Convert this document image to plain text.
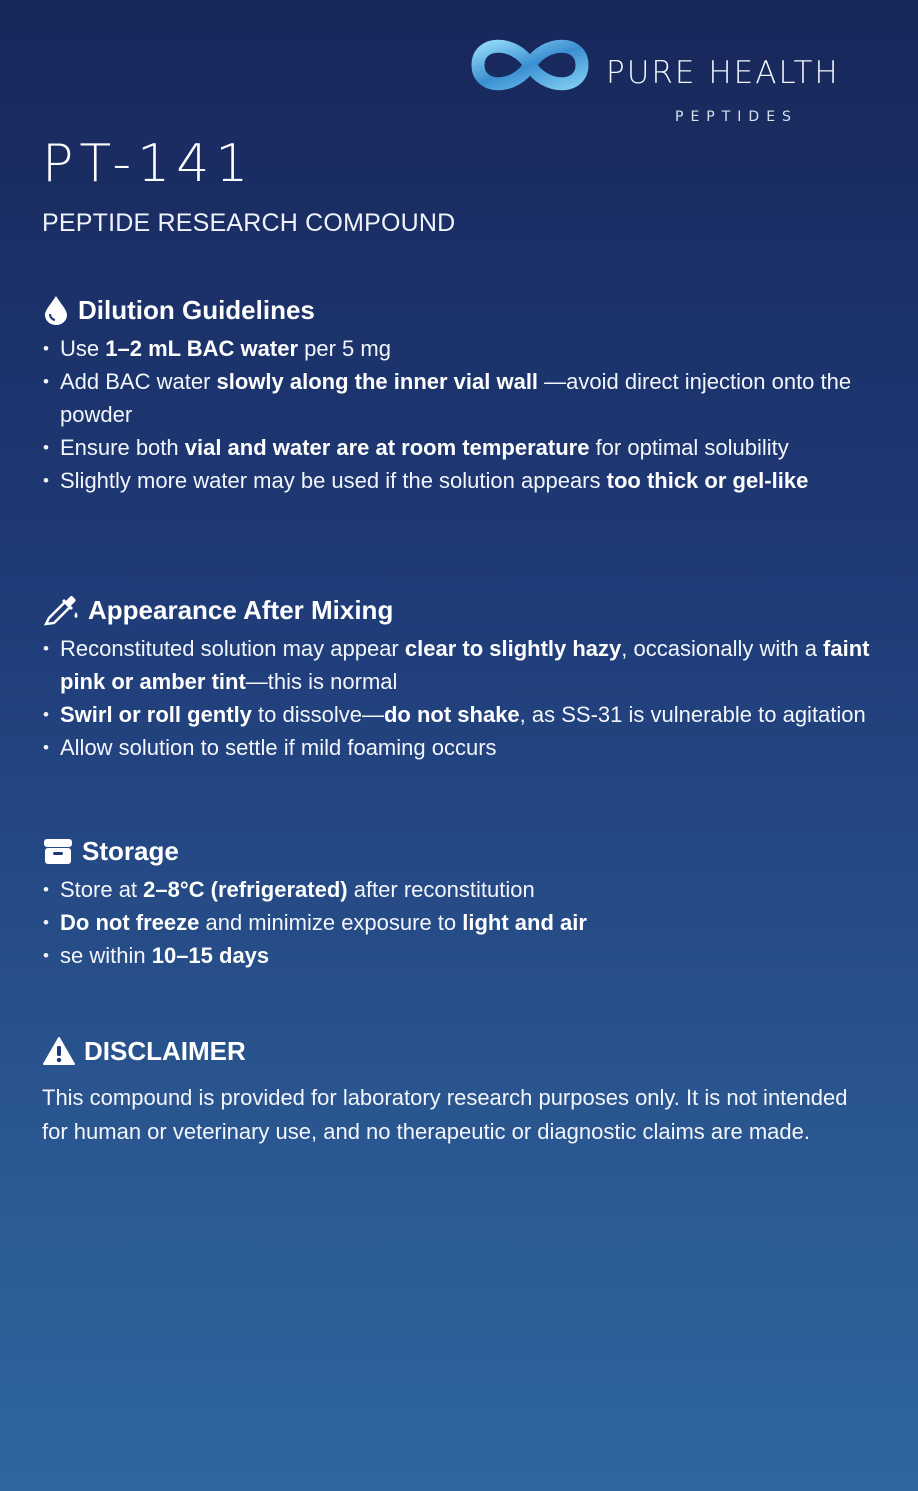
PURE HEALTH
PEPTIDES
PT-141
PEPTIDE RESEARCH COMPOUND
Dilution Guidelines
• Use 1–2 mL BAC water per 5 mg
• Add BAC water slowly along the inner vial wall —avoid direct injection onto the powder
• Ensure both vial and water are at room temperature for optimal solubility
• Slightly more water may be used if the solution appears too thick or gel-like
Appearance After Mixing
• Reconstituted solution may appear clear to slightly hazy, occasionally with a faint pink or amber tint—this is normal
• Swirl or roll gently to dissolve—do not shake, as SS-31 is vulnerable to agitation
• Allow solution to settle if mild foaming occurs
Storage
• Store at 2–8°C (refrigerated) after reconstitution
• Do not freeze and minimize exposure to light and air
• se within 10–15 days
DISCLAIMER

This compound is provided for laboratory research purposes only. It is not intended for human or veterinary use, and no therapeutic or diagnostic claims are made.
